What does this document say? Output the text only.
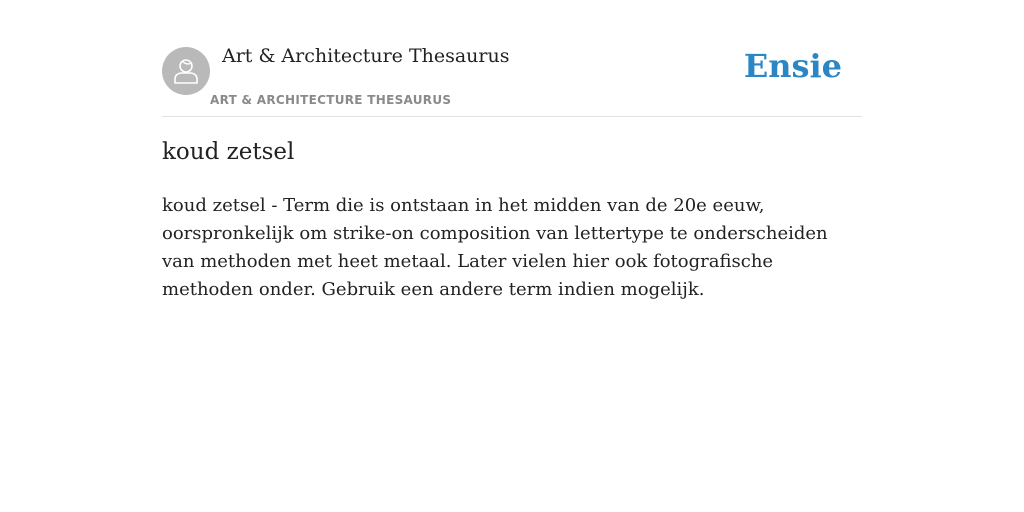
Art & Architecture Thesaurus
ART & ARCHITECTURE THESAURUS
Ensie
koud zetsel

koud zetsel - Term die is ontstaan in het midden van de 20e eeuw, oorspronkelijk om strike-on composition van lettertype te onderscheiden van methoden met heet metaal. Later vielen hier ook fotografische methoden onder. Gebruik een andere term indien mogelijk.
